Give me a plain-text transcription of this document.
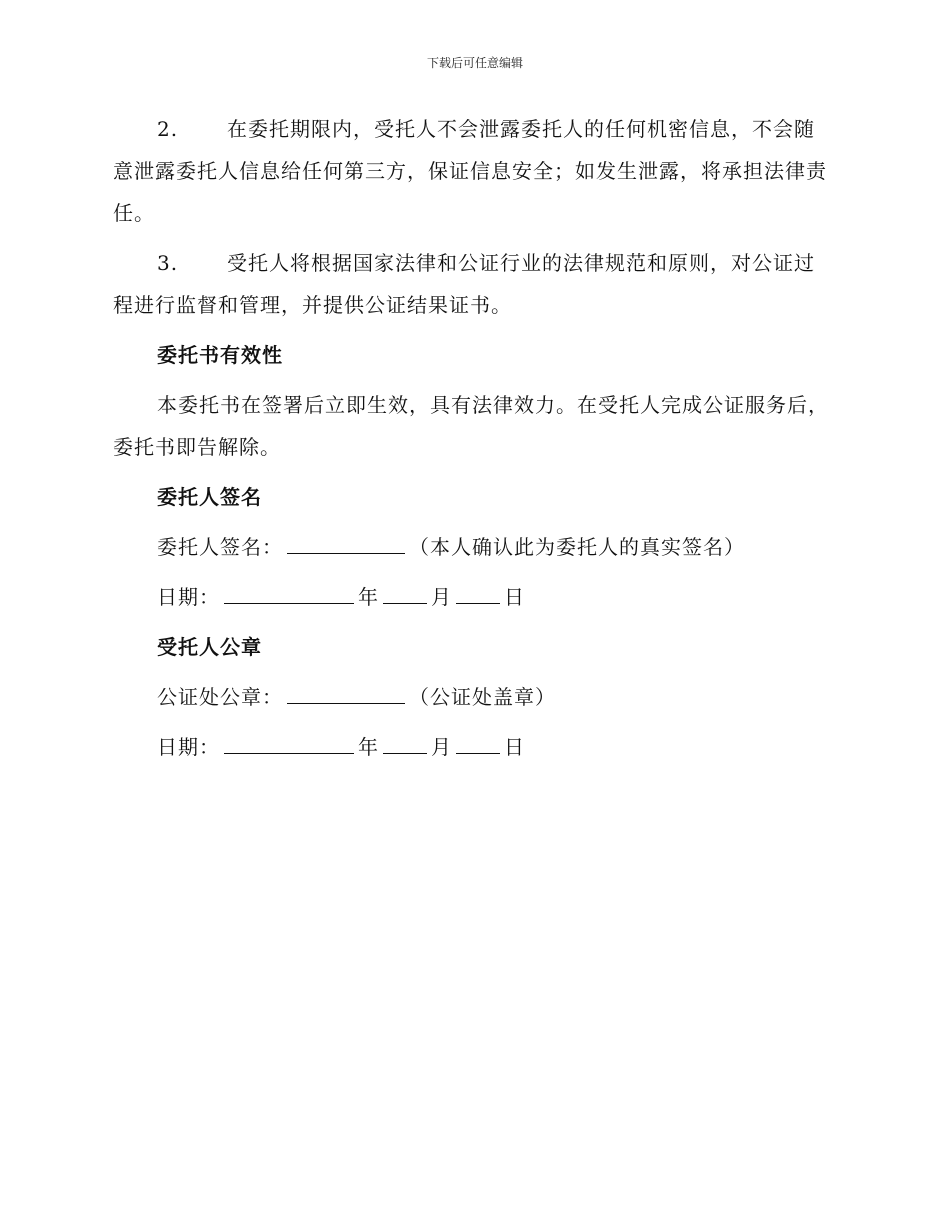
下载后可任意编辑

2. 在委托期限内，受托人不会泄露委托人的任何机密信息，不会随意泄露委托人信息给任何第三方，保证信息安全；如发生泄露，将承担法律责任。

3. 受托人将根据国家法律和公证行业的法律规范和原则，对公证过程进行监督和管理，并提供公证结果证书。

委托书有效性

本委托书在签署后立即生效，具有法律效力。在受托人完成公证服务后，委托书即告解除。

委托人签名

委托人签名：	（本人确认此为委托人的真实签名）

日期：	年	月	日

受托人公章

公证处公章：	（公证处盖章）

日期：	年	月	日
